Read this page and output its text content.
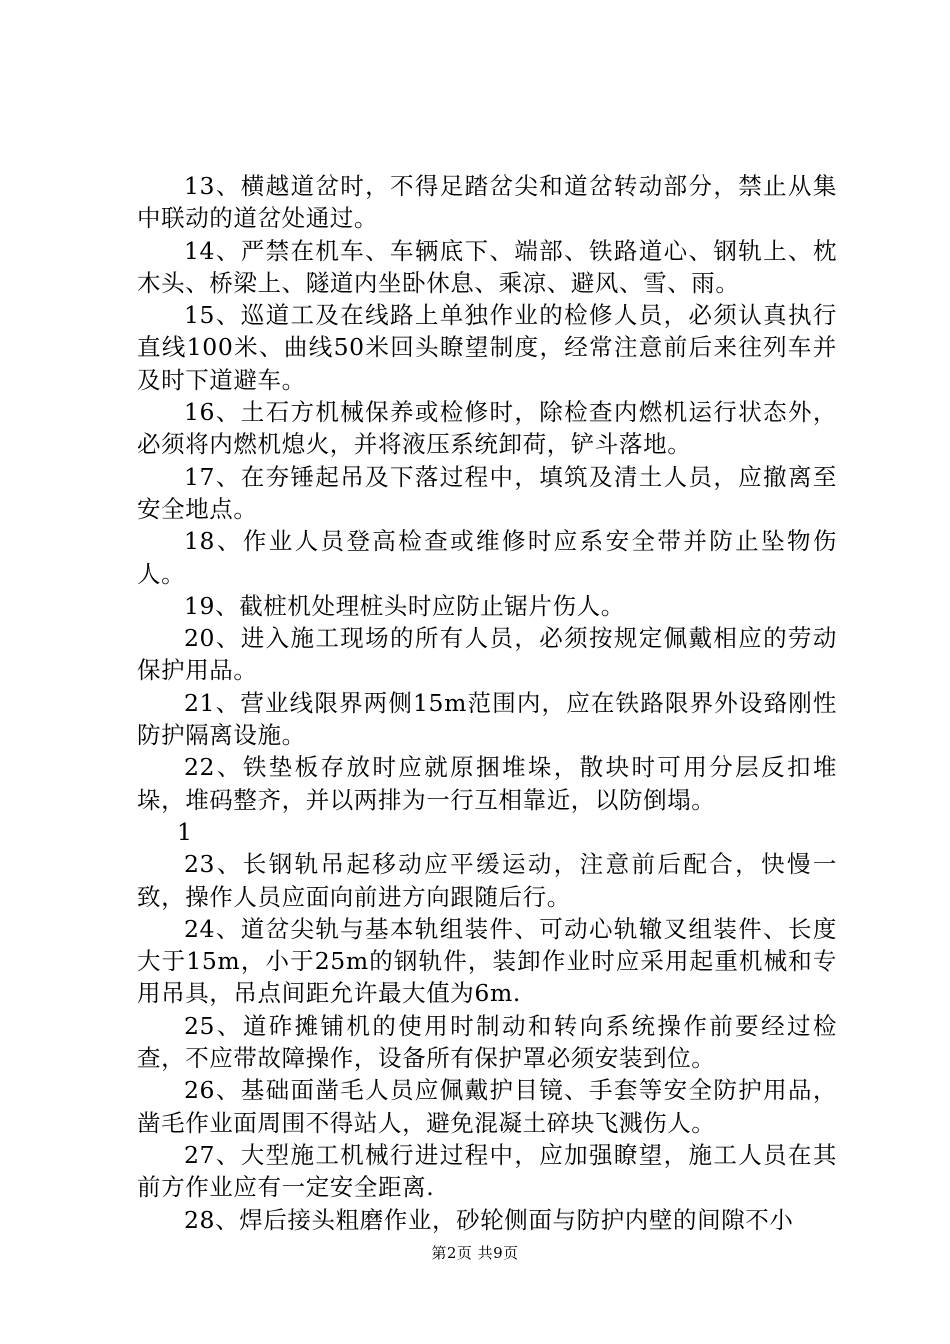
13、横越道岔时，不得足踏岔尖和道岔转动部分，禁止从集中联动的道岔处通过。

14、严禁在机车、车辆底下、端部、铁路道心、钢轨上、枕木头、桥梁上、隧道内坐卧休息、乘凉、避风、雪、雨。

15、巡道工及在线路上单独作业的检修人员，必须认真执行直线100米、曲线50米回头瞭望制度，经常注意前后来往列车并及时下道避车。

16、土石方机械保养或检修时，除检查内燃机运行状态外，必须将内燃机熄火，并将液压系统卸荷，铲斗落地。

17、在夯锤起吊及下落过程中，填筑及清土人员，应撤离至安全地点。

18、作业人员登高检查或维修时应系安全带并防止坠物伤人。

19、截桩机处理桩头时应防止锯片伤人。

20、进入施工现场的所有人员，必须按规定佩戴相应的劳动保护用品。

21、营业线限界两侧15m范围内，应在铁路限界外设臵刚性防护隔离设施。

22、铁垫板存放时应就原捆堆垛，散块时可用分层反扣堆垛，堆码整齐，并以两排为一行互相靠近，以防倒塌。

1

23、长钢轨吊起移动应平缓运动，注意前后配合，快慢一致，操作人员应面向前进方向跟随后行。

24、道岔尖轨与基本轨组装件、可动心轨辙叉组装件、长度大于15m，小于25m的钢轨件，装卸作业时应采用起重机械和专用吊具，吊点间距允许最大值为6m.

25、道砟摊铺机的使用时制动和转向系统操作前要经过检查，不应带故障操作，设备所有保护罩必须安装到位。

26、基础面凿毛人员应佩戴护目镜、手套等安全防护用品，凿毛作业面周围不得站人，避免混凝土碎块飞溅伤人。

27、大型施工机械行进过程中，应加强瞭望，施工人员在其前方作业应有一定安全距离.

28、焊后接头粗磨作业，砂轮侧面与防护内壁的间隙不小

第2页 共9页
